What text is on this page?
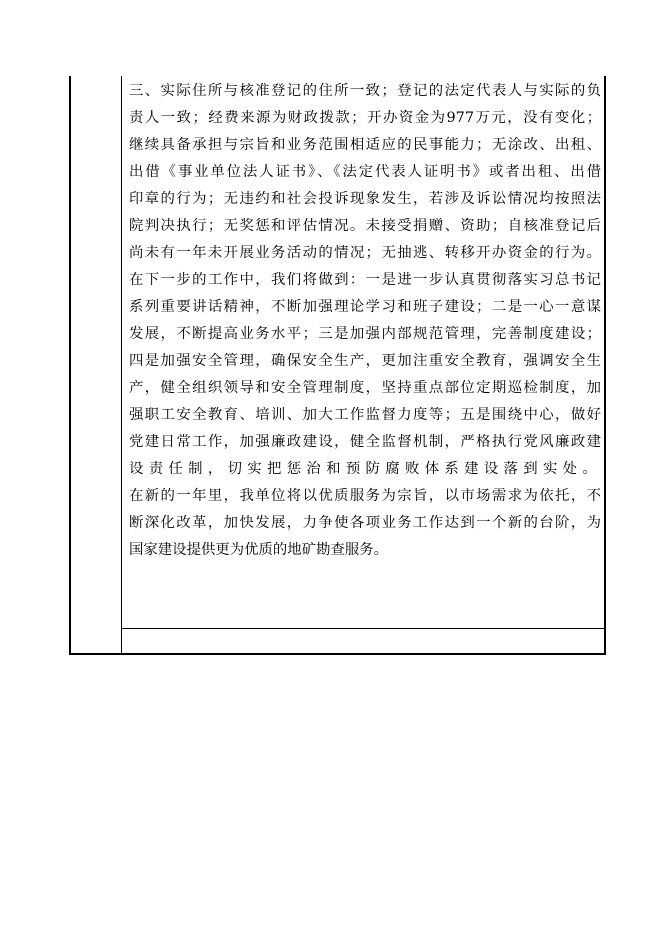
三、实际住所与核准登记的住所一致；登记的法定代表人与实际的负
责人一致；经费来源为财政拨款；开办资金为977万元，没有变化；
继续具备承担与宗旨和业务范围相适应的民事能力；无涂改、出租、
出借《事业单位法人证书》、《法定代表人证明书》或者出租、出借
印章的行为；无违约和社会投诉现象发生，若涉及诉讼情况均按照法
院判决执行；无奖惩和评估情况。未接受捐赠、资助；自核准登记后
尚未有一年未开展业务活动的情况；无抽逃、转移开办资金的行为。
在下一步的工作中，我们将做到：一是进一步认真贯彻落实习总书记
系列重要讲话精神，不断加强理论学习和班子建设；二是一心一意谋
发展，不断提高业务水平；三是加强内部规范管理，完善制度建设；
四是加强安全管理，确保安全生产，更加注重安全教育，强调安全生
产，健全组织领导和安全管理制度，坚持重点部位定期巡检制度，加
强职工安全教育、培训、加大工作监督力度等；五是围绕中心，做好
党建日常工作，加强廉政建设，健全监督机制，严格执行党风廉政建
设责任制，切实把惩治和预防腐败体系建设落到实处。
在新的一年里，我单位将以优质服务为宗旨，以市场需求为依托，不
断深化改革，加快发展，力争使各项业务工作达到一个新的台阶，为
国家建设提供更为优质的地矿勘查服务。
